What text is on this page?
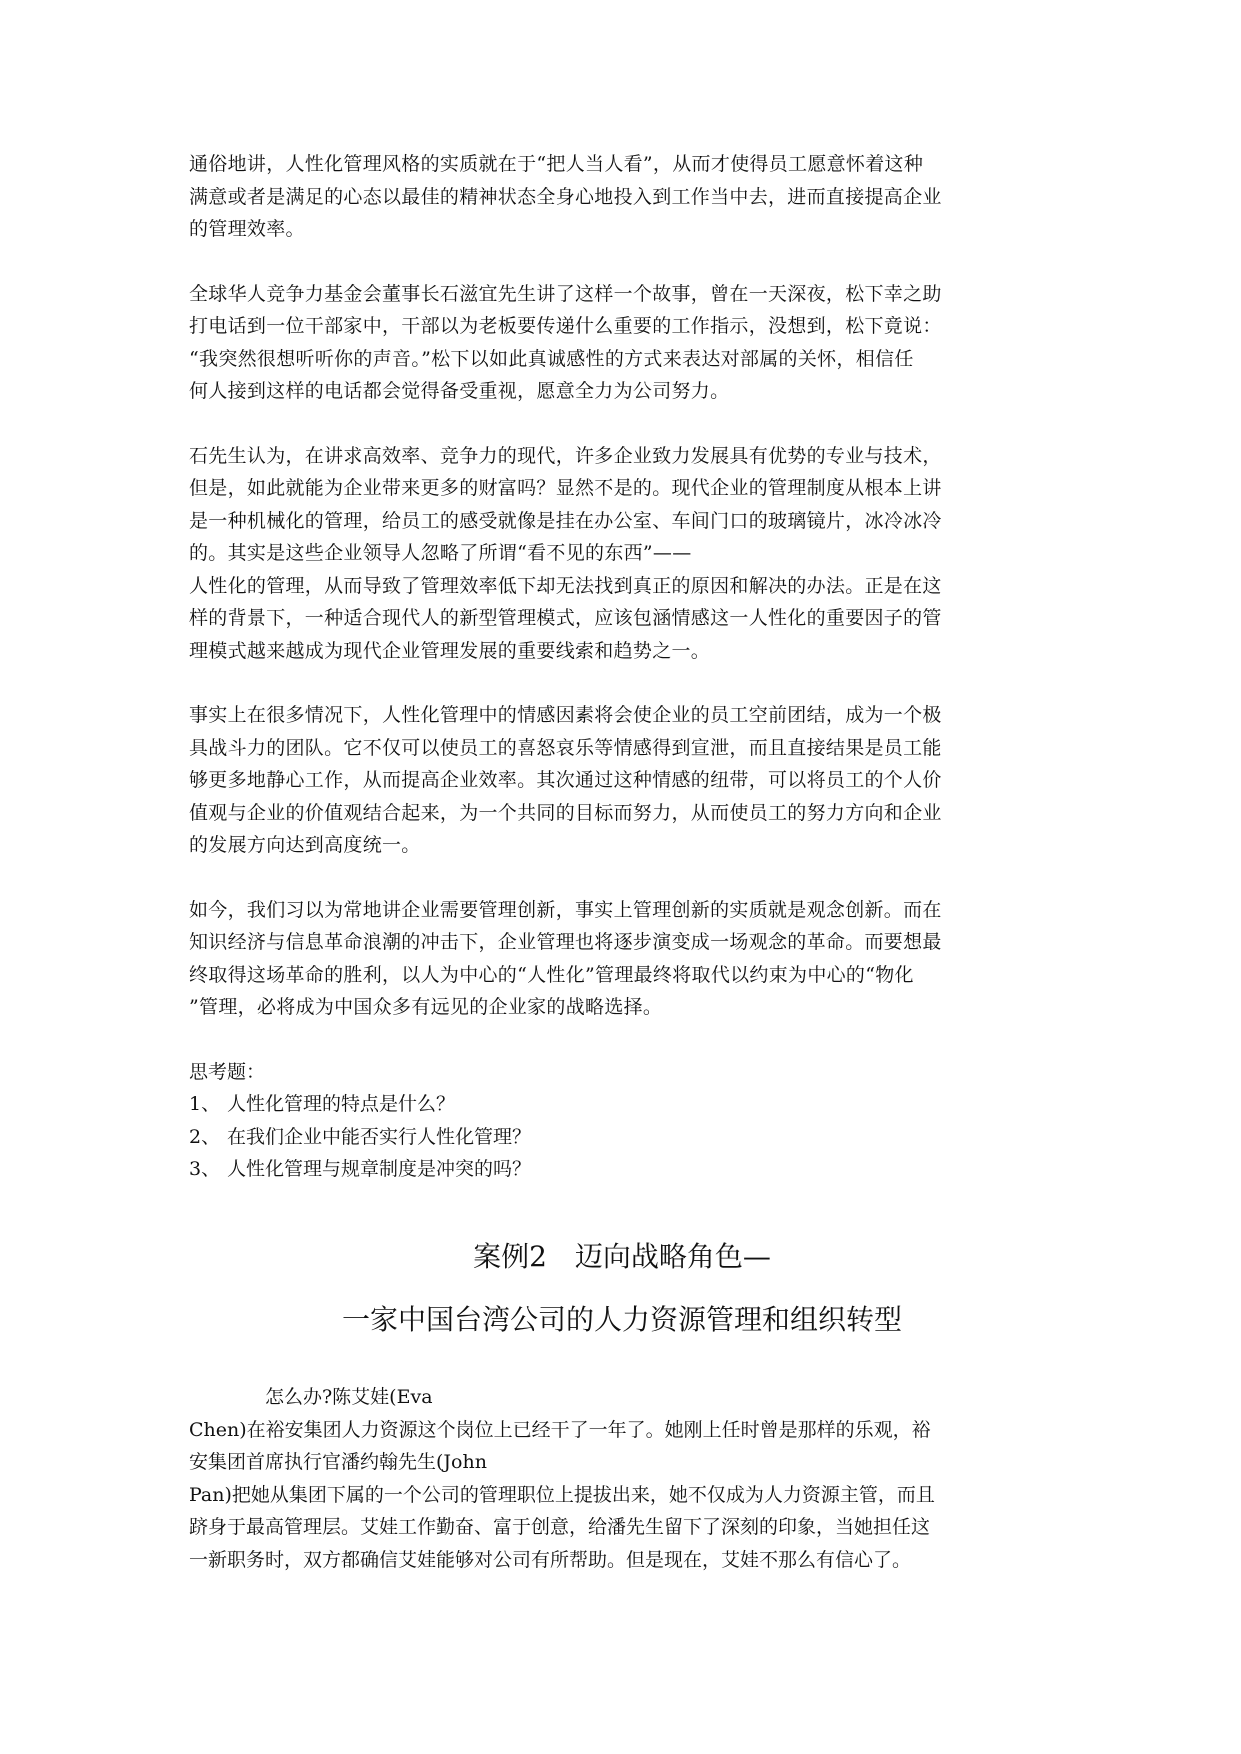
通俗地讲，人性化管理风格的实质就在于“把人当人看”，从而才使得员工愿意怀着这种
满意或者是满足的心态以最佳的精神状态全身心地投入到工作当中去，进而直接提高企业
的管理效率。
全球华人竞争力基金会董事长石滋宜先生讲了这样一个故事，曾在一天深夜，松下幸之助
打电话到一位干部家中，干部以为老板要传递什么重要的工作指示，没想到，松下竟说：
“我突然很想听听你的声音。”松下以如此真诚感性的方式来表达对部属的关怀，相信任
何人接到这样的电话都会觉得备受重视，愿意全力为公司努力。
石先生认为，在讲求高效率、竞争力的现代，许多企业致力发展具有优势的专业与技术，
但是，如此就能为企业带来更多的财富吗？显然不是的。现代企业的管理制度从根本上讲
是一种机械化的管理，给员工的感受就像是挂在办公室、车间门口的玻璃镜片，冰冷冰冷
的。其实是这些企业领导人忽略了所谓“看不见的东西”——
人性化的管理，从而导致了管理效率低下却无法找到真正的原因和解决的办法。正是在这
样的背景下，一种适合现代人的新型管理模式，应该包涵情感这一人性化的重要因子的管
理模式越来越成为现代企业管理发展的重要线索和趋势之一。
事实上在很多情况下，人性化管理中的情感因素将会使企业的员工空前团结，成为一个极
具战斗力的团队。它不仅可以使员工的喜怒哀乐等情感得到宣泄，而且直接结果是员工能
够更多地静心工作，从而提高企业效率。其次通过这种情感的纽带，可以将员工的个人价
值观与企业的价值观结合起来，为一个共同的目标而努力，从而使员工的努力方向和企业
的发展方向达到高度统一。
如今，我们习以为常地讲企业需要管理创新，事实上管理创新的实质就是观念创新。而在
知识经济与信息革命浪潮的冲击下，企业管理也将逐步演变成一场观念的革命。而要想最
终取得这场革命的胜利，以人为中心的“人性化”管理最终将取代以约束为中心的“物化
”管理，必将成为中国众多有远见的企业家的战略选择。
思考题：
1、 人性化管理的特点是什么？
2、 在我们企业中能否实行人性化管理？
3、 人性化管理与规章制度是冲突的吗？
案例2　迈向战略角色—
一家中国台湾公司的人力资源管理和组织转型
怎么办?陈艾娃(Eva
Chen)在裕安集团人力资源这个岗位上已经干了一年了。她刚上任时曾是那样的乐观，裕
安集团首席执行官潘约翰先生(John
Pan)把她从集团下属的一个公司的管理职位上提拔出来，她不仅成为人力资源主管，而且
跻身于最高管理层。艾娃工作勤奋、富于创意，给潘先生留下了深刻的印象，当她担任这
一新职务时，双方都确信艾娃能够对公司有所帮助。但是现在，艾娃不那么有信心了。
